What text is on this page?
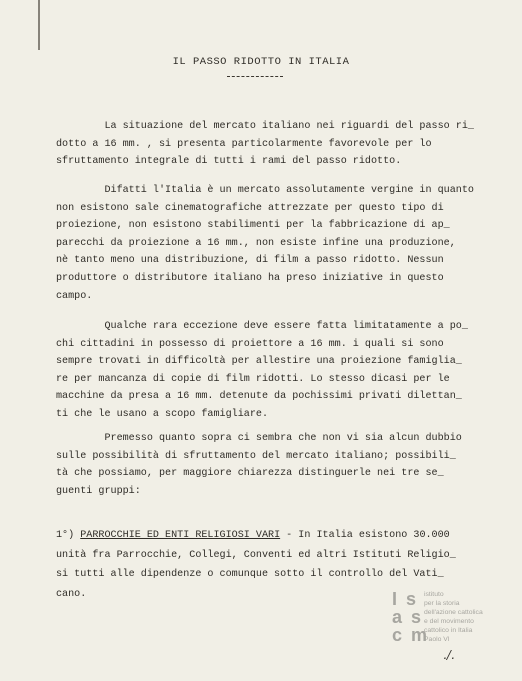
IL PASSO RIDOTTO IN ITALIA

La situazione del mercato italiano nei riguardi del passo ri_
dotto a 16 mm. , si presenta particolarmente favorevole per lo
sfruttamento integrale di tutti i rami del passo ridotto.

Difatti l'Italia è un mercato assolutamente vergine in quanto
non esistono sale cinematografiche attrezzate per questo tipo di
proiezione, non esistono stabilimenti per la fabbricazione di ap_
parecchi da proiezione a 16 mm., non esiste infine una produzione,
nè tanto meno una distribuzione, di film a passo ridotto. Nessun
produttore o distributore italiano ha preso iniziative in questo
campo.

Qualche rara eccezione deve essere fatta limitatamente a po_
chi cittadini in possesso di proiettore a 16 mm. i quali si sono
sempre trovati in difficoltà per allestire una proiezione famiglia_
re per mancanza di copie di film ridotti. Lo stesso dicasi per le
macchine da presa a 16 mm. detenute da pochissimi privati dilettan_
ti che le usano a scopo famigliare.

Premesso quanto sopra ci sembra che non vi sia alcun dubbio
sulle possibilità di sfruttamento del mercato italiano; possibili_
tà che possiamo, per maggiore chiarezza distinguerle nei tre se_
guenti gruppi:

1°) PARROCCHIE ED ENTI RELIGIOSI VARI - In Italia esistono 30.000
unità fra Parrocchie, Collegi, Conventi ed altri Istituti Religio_
si tutti alle dipendenze o comunque sotto il controllo del Vati_
cano.	I s
a s
c m
istituto
per la storia
dell'azione cattolica
e del movimento
cattolico in Italia
Paolo VI
./.
